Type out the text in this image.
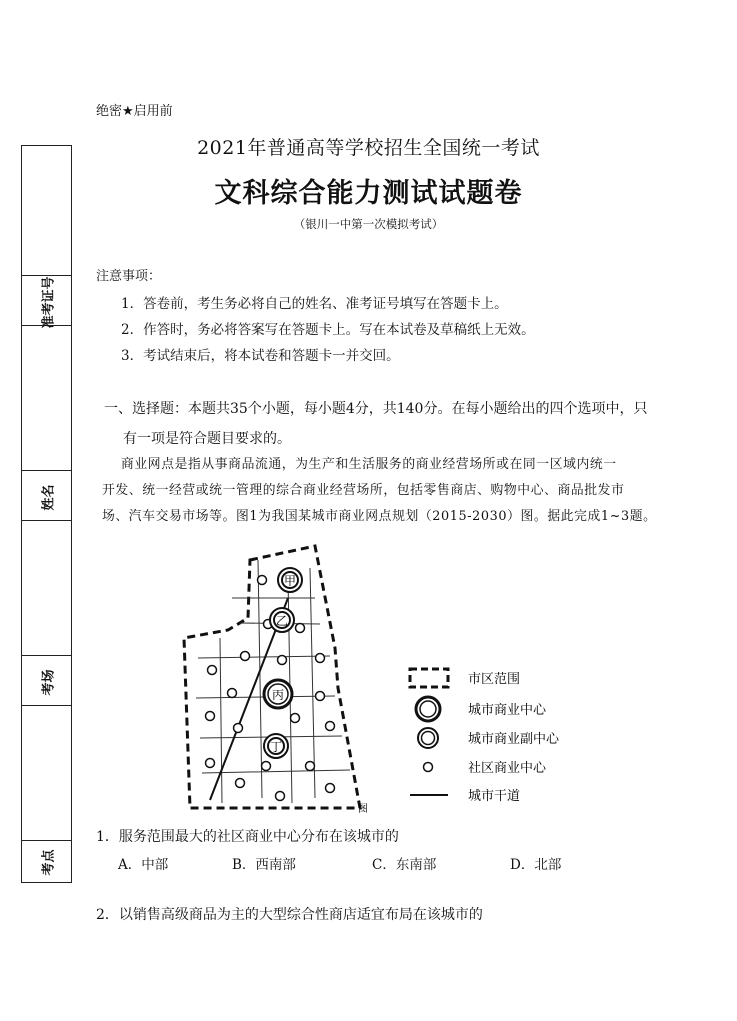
准考证号
姓名
考场
考点
绝密★启用前
2021年普通高等学校招生全国统一考试
文科综合能力测试试题卷
（银川一中第一次模拟考试）
注意事项：
1．答卷前，考生务必将自己的姓名、准考证号填写在答题卡上。
2．作答时，务必将答案写在答题卡上。写在本试卷及草稿纸上无效。
3．考试结束后，将本试卷和答题卡一并交回。
一、选择题：本题共35个小题，每小题4分，共140分。在每小题给出的四个选项中，只
有一项是符合题目要求的。
商业网点是指从事商品流通，为生产和生活服务的商业经营场所或在同一区域内统一
开发、统一经营或统一管理的综合商业经营场所，包括零售商店、购物中心、商品批发市
场、汽车交易市场等。图1为我国某城市商业网点规划（2015-2030）图。据此完成1~3题。
甲
乙
丙
丁
图
市区范围
城市商业中心
城市商业副中心
社区商业中心
城市干道
1．服务范围最大的社区商业中心分布在该城市的
A．中部	B．西南部	C．东南部	D．北部
2．以销售高级商品为主的大型综合性商店适宜布局在该城市的
